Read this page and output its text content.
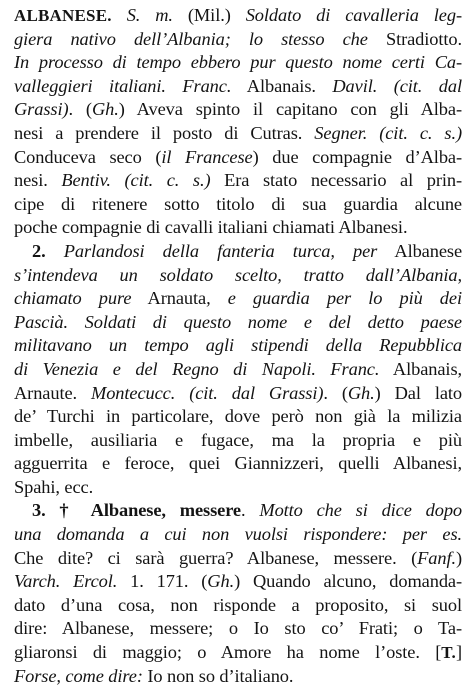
ALBANESE. S. m. (Mil.) Soldato di cavalleria leg-
giera nativo dell’Albania; lo stesso che Stradiotto.
In processo di tempo ebbero pur questo nome certi Ca-
valleggieri italiani. Franc. Albanais. Davil. (cit. dal
Grassi). (Gh.) Aveva spinto il capitano con gli Alba-
nesi a prendere il posto di Cutras. Segner. (cit. c. s.)
Conduceva seco (il Francese) due compagnie d’Alba-
nesi. Bentiv. (cit. c. s.) Era stato necessario al prin-
cipe di ritenere sotto titolo di sua guardia alcune
poche compagnie di cavalli italiani chiamati Albanesi.
2. Parlandosi della fanteria turca, per Albanese
s’intendeva un soldato scelto, tratto dall’Albania,
chiamato pure Arnauta, e guardia per lo più dei
Pascià. Soldati di questo nome e del detto paese
militavano un tempo agli stipendi della Repubblica
di Venezia e del Regno di Napoli. Franc. Albanais,
Arnaute. Montecucc. (cit. dal Grassi). (Gh.) Dal lato
de’ Turchi in particolare, dove però non già la milizia
imbelle, ausiliaria e fugace, ma la propria e più
agguerrita e feroce, quei Giannizzeri, quelli Albanesi,
Spahi, ecc.
3. † Albanese, messere. Motto che si dice dopo
una domanda a cui non vuolsi rispondere: per es.
Che dite? ci sarà guerra? Albanese, messere. (Fanf.)
Varch. Ercol. 1. 171. (Gh.) Quando alcuno, domanda-
dato d’una cosa, non risponde a proposito, si suol
dire: Albanese, messere; o Io sto co’ Frati; o Ta-
gliaronsi di maggio; o Amore ha nome l’oste. [T.]
Forse, come dire: Io non so d’italiano.
